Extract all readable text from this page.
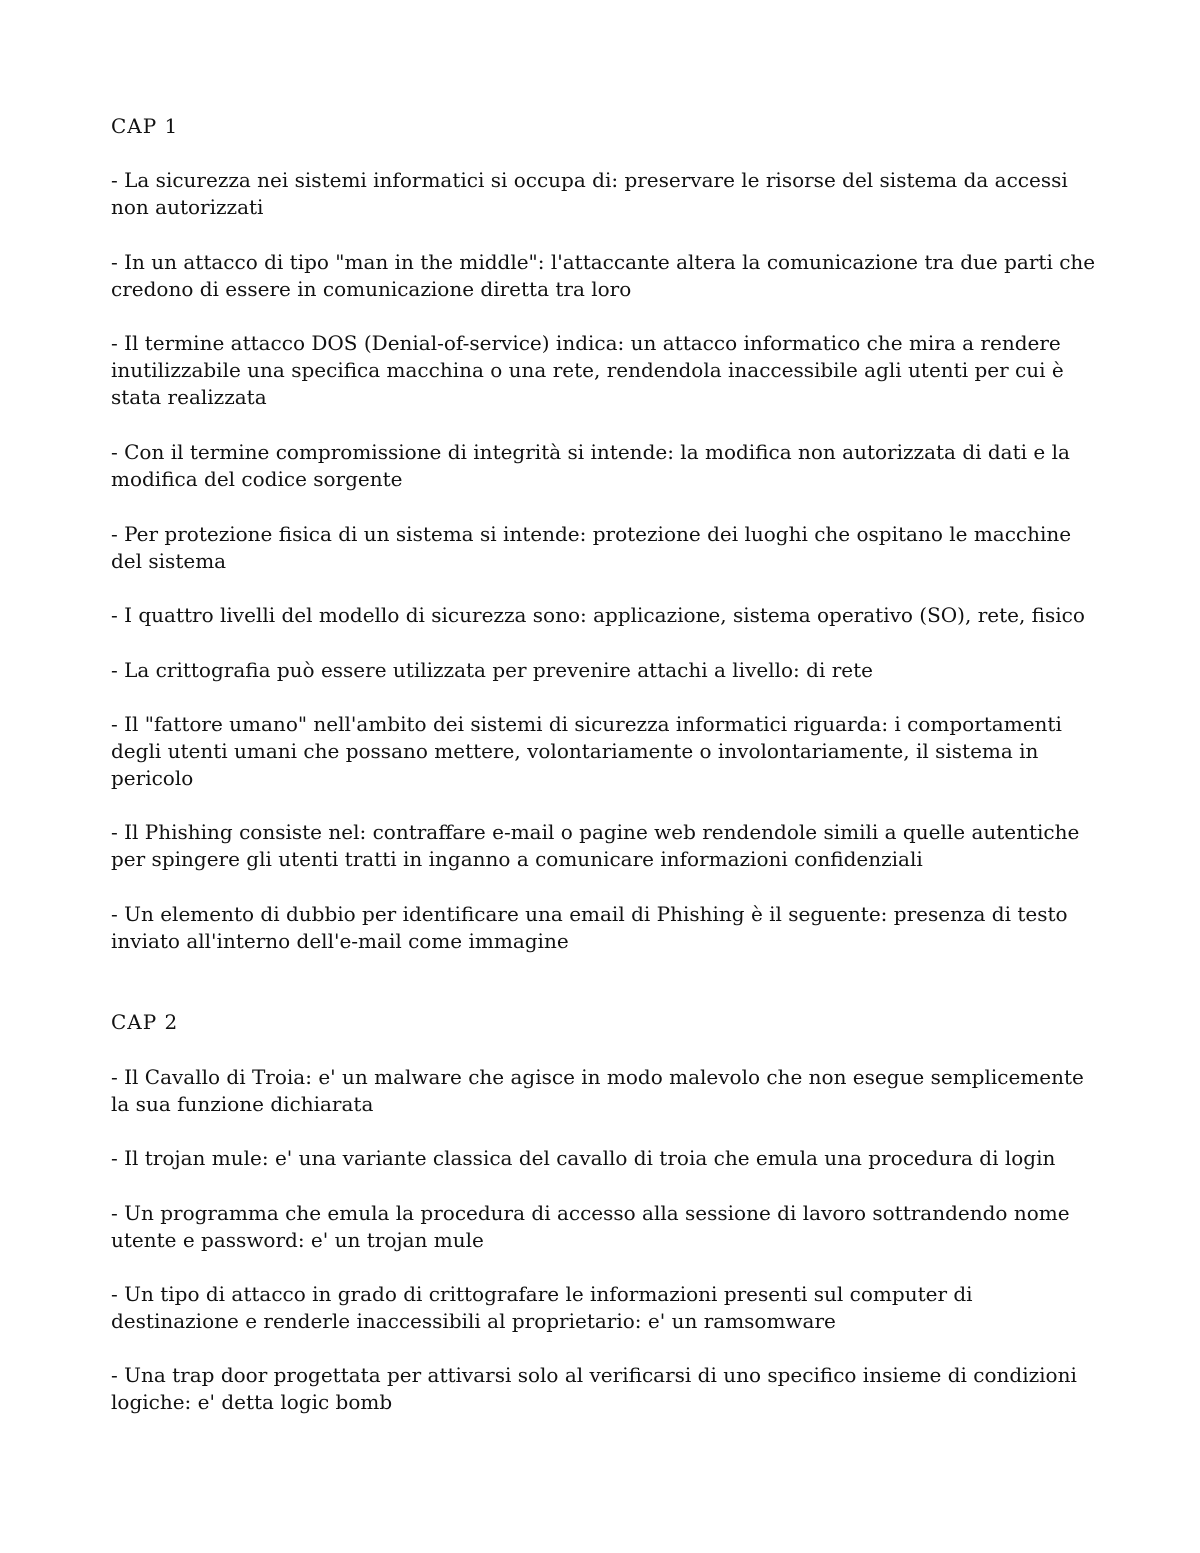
CAP 1

- La sicurezza nei sistemi informatici si occupa di: preservare le risorse del sistema da accessi non autorizzati

- In un attacco di tipo "man in the middle": l'attaccante altera la comunicazione tra due parti che credono di essere in comunicazione diretta tra loro

- Il termine attacco DOS (Denial-of-service) indica: un attacco informatico che mira a rendere inutilizzabile una specifica macchina o una rete, rendendola inaccessibile agli utenti per cui è stata realizzata

- Con il termine compromissione di integrità si intende: la modifica non autorizzata di dati e la modifica del codice sorgente

- Per protezione fisica di un sistema si intende: protezione dei luoghi che ospitano le macchine del sistema

- I quattro livelli del modello di sicurezza sono: applicazione, sistema operativo (SO), rete, fisico

- La crittografia può essere utilizzata per prevenire attachi a livello: di rete

- Il "fattore umano" nell'ambito dei sistemi di sicurezza informatici riguarda: i comportamenti degli utenti umani che possano mettere, volontariamente o involontariamente, il sistema in pericolo

- Il Phishing consiste nel: contraffare e-mail o pagine web rendendole simili a quelle autentiche per spingere gli utenti tratti in inganno a comunicare informazioni confidenziali

- Un elemento di dubbio per identificare una email di Phishing è il seguente: presenza di testo inviato all'interno dell'e-mail come immagine

CAP 2

- Il Cavallo di Troia: e' un malware che agisce in modo malevolo che non esegue semplicemente la sua funzione dichiarata

- Il trojan mule: e' una variante classica del cavallo di troia che emula una procedura di login

- Un programma che emula la procedura di accesso alla sessione di lavoro sottrandendo nome utente e password: e' un trojan mule

- Un tipo di attacco in grado di crittografare le informazioni presenti sul computer di destinazione e renderle inaccessibili al proprietario: e' un ramsomware

- Una trap door progettata per attivarsi solo al verificarsi di uno specifico insieme di condizioni logiche: e' detta logic bomb
